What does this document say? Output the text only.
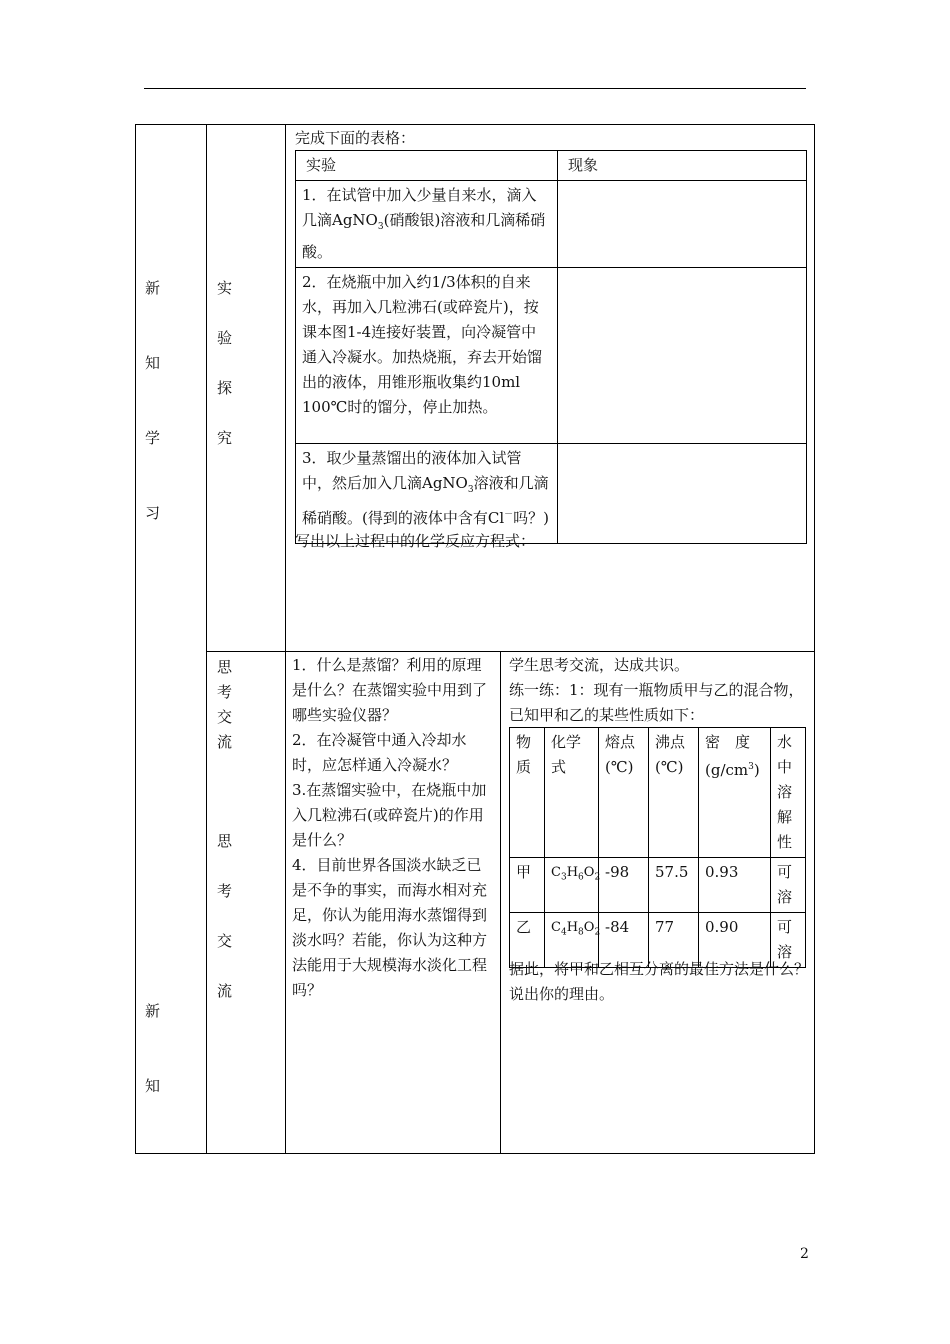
新
知
学
习
新
知
实
验
探
究
思
考
交
流
思
考
交
流
完成下面的表格：
实验	现象
1．在试管中加入少量自来水，滴入几滴AgNO$_3$(硝酸银)溶液和几滴稀硝酸。	
2．在烧瓶中加入约1/3体积的自来水，再加入几粒沸石(或碎瓷片)，按课本图1-4连接好装置，向冷凝管中通入冷凝水。加热烧瓶，弃去开始馏出的液体，用锥形瓶收集约10ml 100℃时的馏分，停止加热。	
3．取少量蒸馏出的液体加入试管中，然后加入几滴AgNO$_3$溶液和几滴稀硝酸。(得到的液体中含有Cl－吗？)	
写出以上过程中的化学反应方程式：
1．什么是蒸馏？利用的原理是什么？在蒸馏实验中用到了哪些实验仪器？
2．在冷凝管中通入冷却水时，应怎样通入冷凝水？
3.在蒸馏实验中，在烧瓶中加入几粒沸石(或碎瓷片)的作用是什么？
4．目前世界各国淡水缺乏已是不争的事实，而海水相对充足，你认为能用海水蒸馏得到淡水吗？若能，你认为这种方法能用于大规模海水淡化工程吗？
学生思考交流，达成共识。
练一练：1：现有一瓶物质甲与乙的混合物，已知甲和乙的某些性质如下：
物质	化学式	熔点(℃)	沸点(℃)	密　度$(g/cm^3)$	水中溶解性
甲	$C_3H_6O_2$	-98	57.5	0.93	可溶
乙	$C_4H_8O_2$	-84	77	0.90	可溶
据此，将甲和乙相互分离的最佳方法是什么？说出你的理由。
2
